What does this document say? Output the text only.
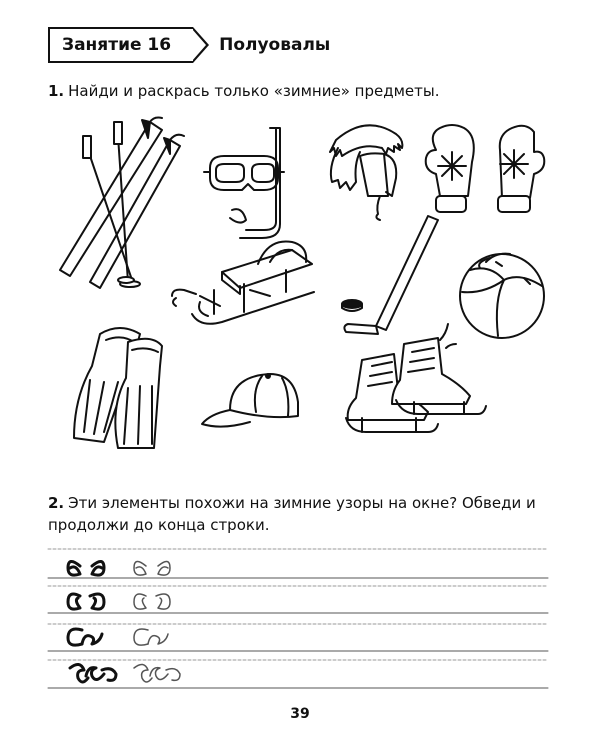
Занятие 16	Полуовалы
1. Найди и раскрась только «зимние» предметы.
2. Эти элементы похожи на зимние узоры на окне? Обведи и продолжи до конца строки.
39
